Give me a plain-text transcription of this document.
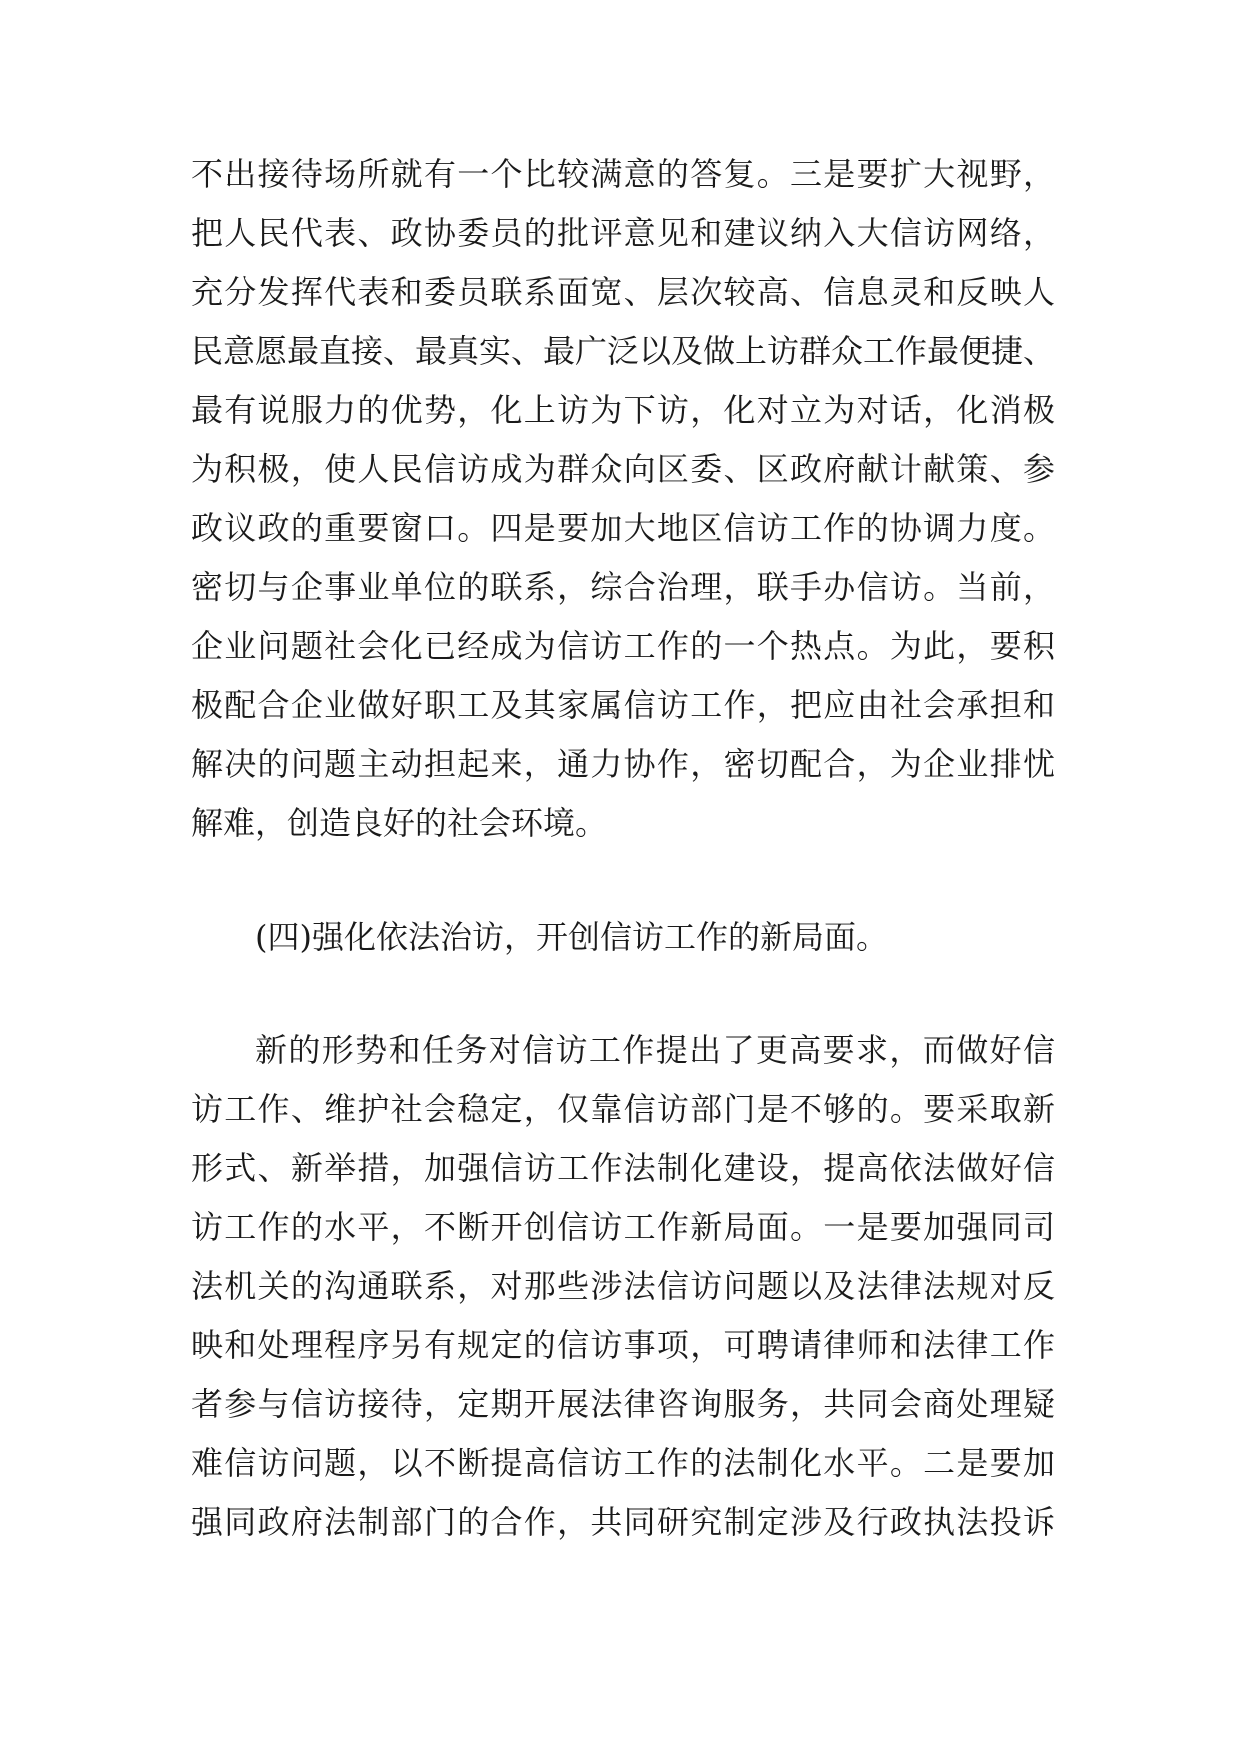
不出接待场所就有一个比较满意的答复。三是要扩大视野，
把人民代表、政协委员的批评意见和建议纳入大信访网络，
充分发挥代表和委员联系面宽、层次较高、信息灵和反映人
民意愿最直接、最真实、最广泛以及做上访群众工作最便捷、
最有说服力的优势，化上访为下访，化对立为对话，化消极
为积极，使人民信访成为群众向区委、区政府献计献策、参
政议政的重要窗口。四是要加大地区信访工作的协调力度。
密切与企事业单位的联系，综合治理，联手办信访。当前，
企业问题社会化已经成为信访工作的一个热点。为此，要积
极配合企业做好职工及其家属信访工作，把应由社会承担和
解决的问题主动担起来，通力协作，密切配合，为企业排忧
解难，创造良好的社会环境。
(四)强化依法治访，开创信访工作的新局面。
新的形势和任务对信访工作提出了更高要求，而做好信
访工作、维护社会稳定，仅靠信访部门是不够的。要采取新
形式、新举措，加强信访工作法制化建设，提高依法做好信
访工作的水平，不断开创信访工作新局面。一是要加强同司
法机关的沟通联系，对那些涉法信访问题以及法律法规对反
映和处理程序另有规定的信访事项，可聘请律师和法律工作
者参与信访接待，定期开展法律咨询服务，共同会商处理疑
难信访问题，以不断提高信访工作的法制化水平。二是要加
强同政府法制部门的合作，共同研究制定涉及行政执法投诉
